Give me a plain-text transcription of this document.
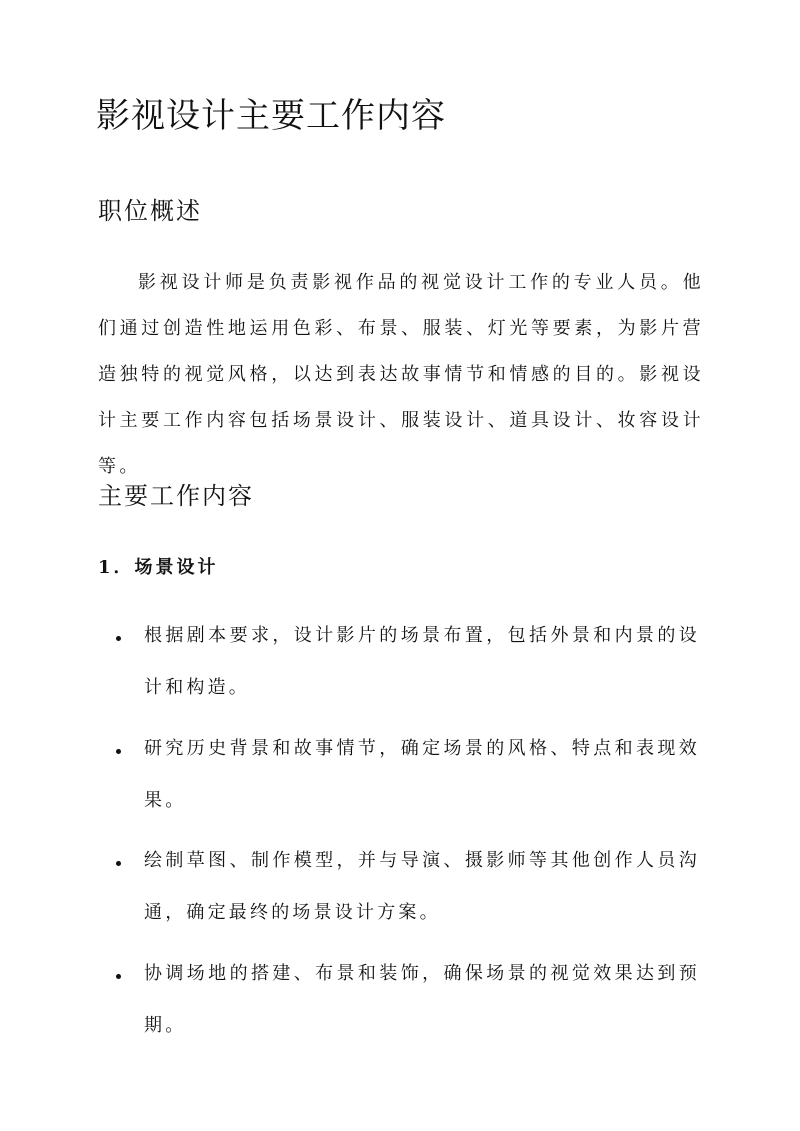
影视设计主要工作内容
职位概述

影视设计师是负责影视作品的视觉设计工作的专业人员。他们通过创造性地运用色彩、布景、服装、灯光等要素，为影片营造独特的视觉风格，以达到表达故事情节和情感的目的。影视设计主要工作内容包括场景设计、服装设计、道具设计、妆容设计等。

主要工作内容
1．场景设计

根据剧本要求，设计影片的场景布置，包括外景和内景的设计和构造。

研究历史背景和故事情节，确定场景的风格、特点和表现效果。

绘制草图、制作模型，并与导演、摄影师等其他创作人员沟通，确定最终的场景设计方案。

协调场地的搭建、布景和装饰，确保场景的视觉效果达到预期。
